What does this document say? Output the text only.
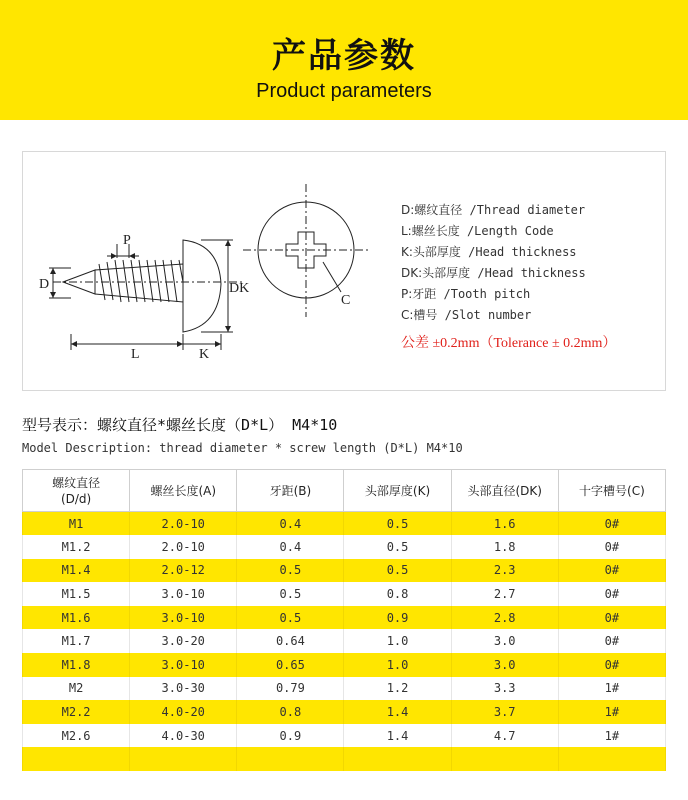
产品参数
Product parameters
P
D	DK
L	K
C
D:螺纹直径 /Thread diameter
L:螺丝长度 /Length Code
K:头部厚度 /Head thickness
DK:头部厚度 /Head thickness
P:牙距 /Tooth pitch
C:槽号 /Slot number
公差 ±0.2mm（Tolerance ± 0.2mm）
型号表示：螺纹直径*螺丝长度（D*L） M4*10
Model Description: thread diameter * screw length (D*L) M4*10
螺纹直径
(D/d)	螺丝长度(A)	牙距(B)	头部厚度(K)	头部直径(DK)	十字槽号(C)

M1	2.0-10	0.4	0.5	1.6	0#
M1.2	2.0-10	0.4	0.5	1.8	0#
M1.4	2.0-12	0.5	0.5	2.3	0#
M1.5	3.0-10	0.5	0.8	2.7	0#
M1.6	3.0-10	0.5	0.9	2.8	0#
M1.7	3.0-20	0.64	1.0	3.0	0#
M1.8	3.0-10	0.65	1.0	3.0	0#
M2	3.0-30	0.79	1.2	3.3	1#
M2.2	4.0-20	0.8	1.4	3.7	1#
M2.6	4.0-30	0.9	1.4	4.7	1#
